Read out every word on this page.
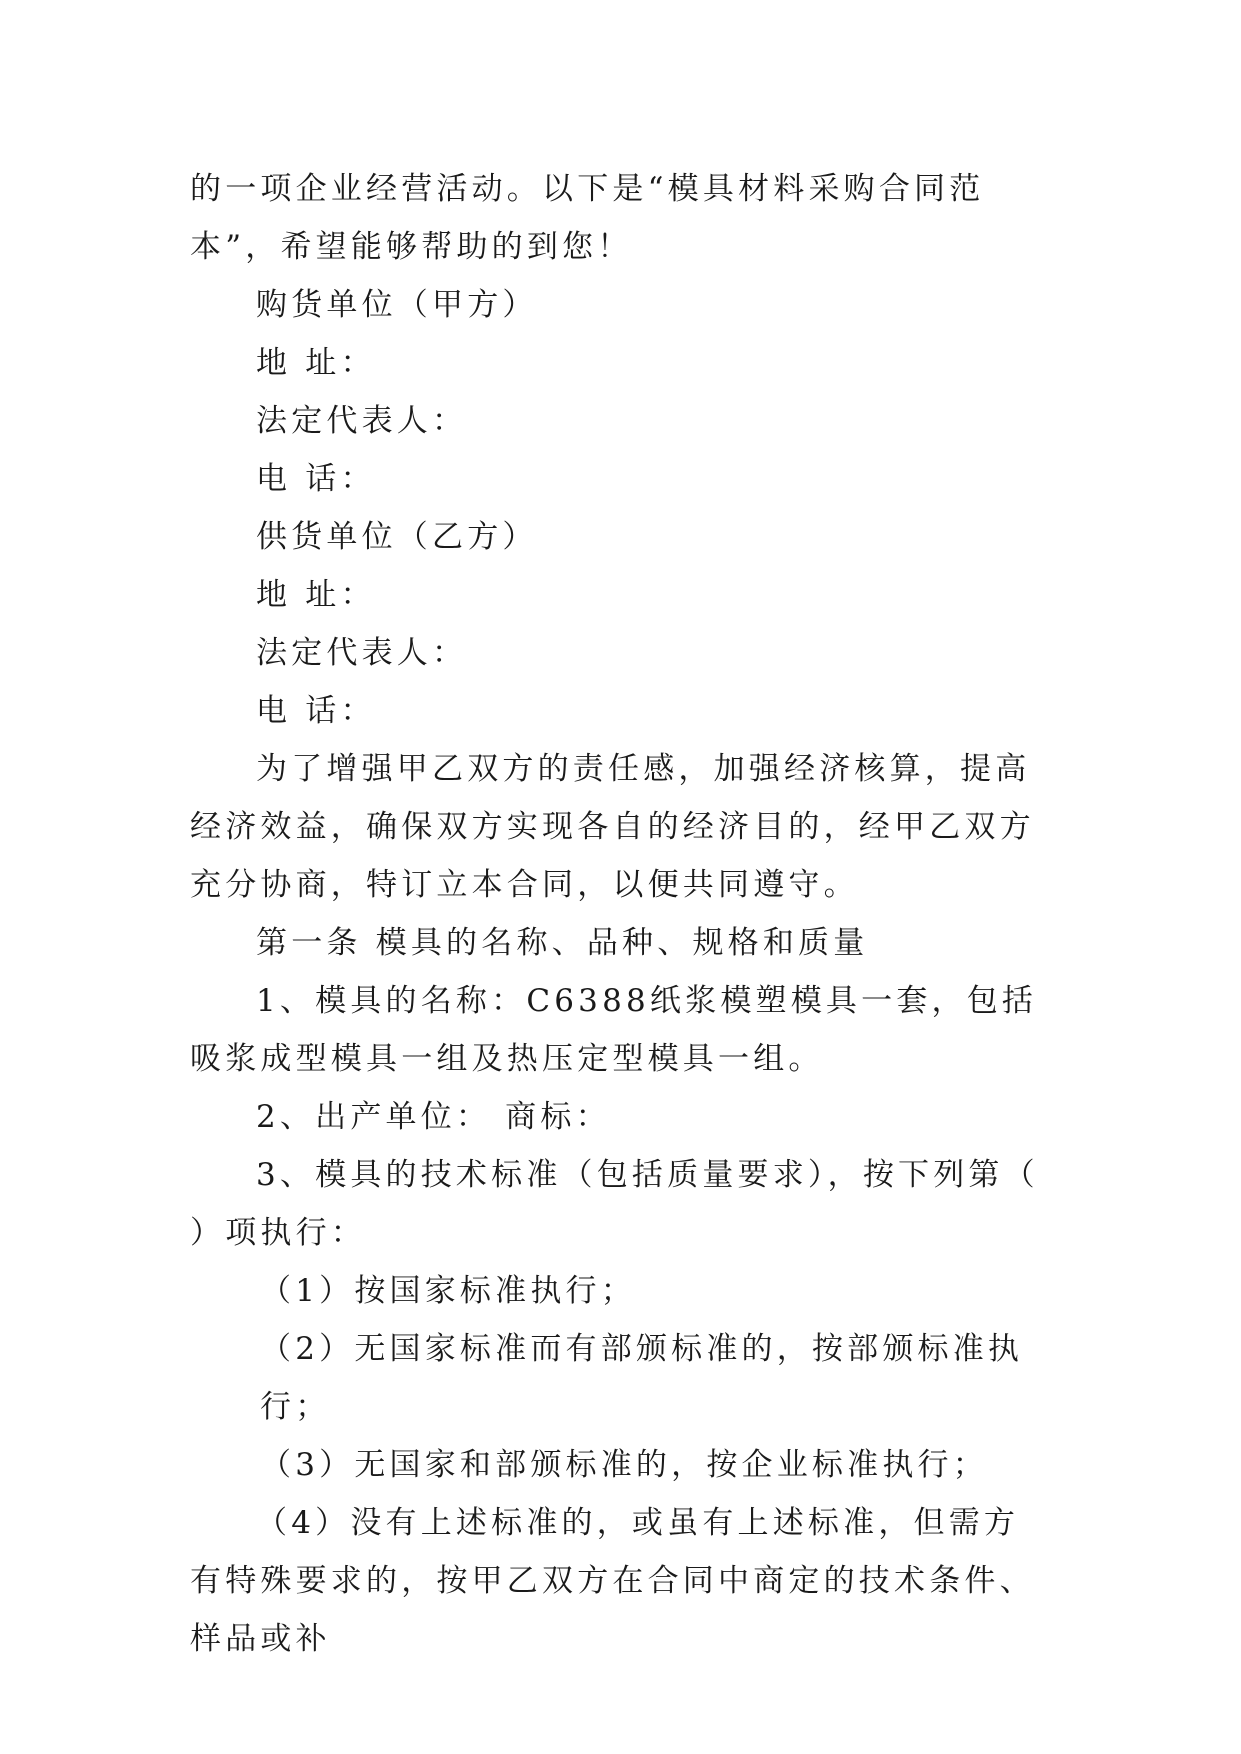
的一项企业经营活动。以下是“模具材料采购合同范本”，希望能够帮助的到您！

购货单位（甲方）

地 址：

法定代表人：

电 话：

供货单位（乙方）

地 址：

法定代表人：

电 话：

为了增强甲乙双方的责任感，加强经济核算，提高经济效益，确保双方实现各自的经济目的，经甲乙双方充分协商，特订立本合同，以便共同遵守。

第一条 模具的名称、品种、规格和质量

1、模具的名称：C6388纸浆模塑模具一套，包括吸浆成型模具一组及热压定型模具一组。

2、出产单位： 商标：

3、模具的技术标准（包括质量要求），按下列第（ ）项执行：

（1）按国家标准执行；

（2）无国家标准而有部颁标准的，按部颁标准执行；

（3）无国家和部颁标准的，按企业标准执行；

（4）没有上述标准的，或虽有上述标准，但需方有特殊要求的，按甲乙双方在合同中商定的技术条件、样品或补
